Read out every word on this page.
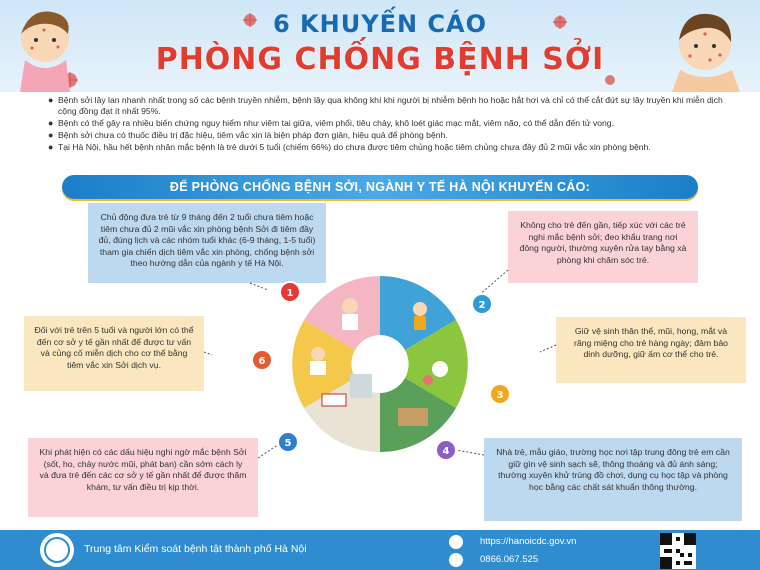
6 KHUYẾN CÁO
PHÒNG CHỐNG BỆNH SỞI
● Bệnh sởi lây lan nhanh nhất trong số các bệnh truyền nhiễm, bệnh lây qua không khí khi người bị nhiễm bệnh ho hoặc hắt hơi và chỉ có thể cắt đứt sự lây truyền khi miễn dịch cộng đồng đạt ít nhất 95%.
● Bệnh có thể gây ra nhiều biến chứng nguy hiểm như viêm tai giữa, viêm phổi, tiêu chảy, khô loét giác mạc mắt, viêm não, có thể dẫn đến tử vong.
● Bệnh sởi chưa có thuốc điều trị đặc hiệu, tiêm vắc xin là biện pháp đơn giản, hiệu quả để phòng bệnh.
● Tại Hà Nội, hầu hết bệnh nhân mắc bệnh là trẻ dưới 5 tuổi (chiếm 66%) do chưa được tiêm chủng hoặc tiêm chủng chưa đầy đủ 2 mũi vắc xin phòng bệnh.
ĐỂ PHÒNG CHỐNG BỆNH SỞI, NGÀNH Y TẾ HÀ NỘI KHUYẾN CÁO:
Chủ động đưa trẻ từ 9 tháng đến 2 tuổi chưa tiêm hoặc tiêm chưa đủ 2 mũi vắc xin phòng bệnh Sởi đi tiêm đầy đủ, đúng lịch và các nhóm tuổi khác (6-9 tháng, 1-5 tuổi) tham gia chiến dịch tiêm vắc xin phòng, chống bệnh sởi theo hướng dẫn của ngành y tế Hà Nội.
Không cho trẻ đến gần, tiếp xúc với các trẻ nghi mắc bệnh sởi; đeo khẩu trang nơi đông người, thường xuyên rửa tay bằng xà phòng khi chăm sóc trẻ.
Giữ vệ sinh thân thể, mũi, họng, mắt và răng miệng cho trẻ hàng ngày; đảm bảo dinh dưỡng, giữ ấm cơ thể cho trẻ.
Nhà trẻ, mẫu giáo, trường học nơi tập trung đông trẻ em cần giữ gìn vệ sinh sạch sẽ, thông thoáng và đủ ánh sáng; thường xuyên khử trùng đồ chơi, dụng cụ học tập và phòng học bằng các chất sát khuẩn thông thường.
Khi phát hiện có các dấu hiệu nghi ngờ mắc bệnh Sởi (sốt, ho, chảy nước mũi, phát ban) cần sớm cách ly và đưa trẻ đến các cơ sở y tế gần nhất để được thăm khám, tư vấn điều trị kịp thời.
Đối với trẻ trên 5 tuổi và người lớn có thể đến cơ sở y tế gần nhất để được tư vấn và củng cố miễn dịch cho cơ thể bằng tiêm vắc xin Sởi dịch vụ.
1
2
3
4
5
6
Trung tâm Kiểm soát bệnh tật thành phố Hà Nội
https://hanoicdc.gov.vn
0866.067.525
